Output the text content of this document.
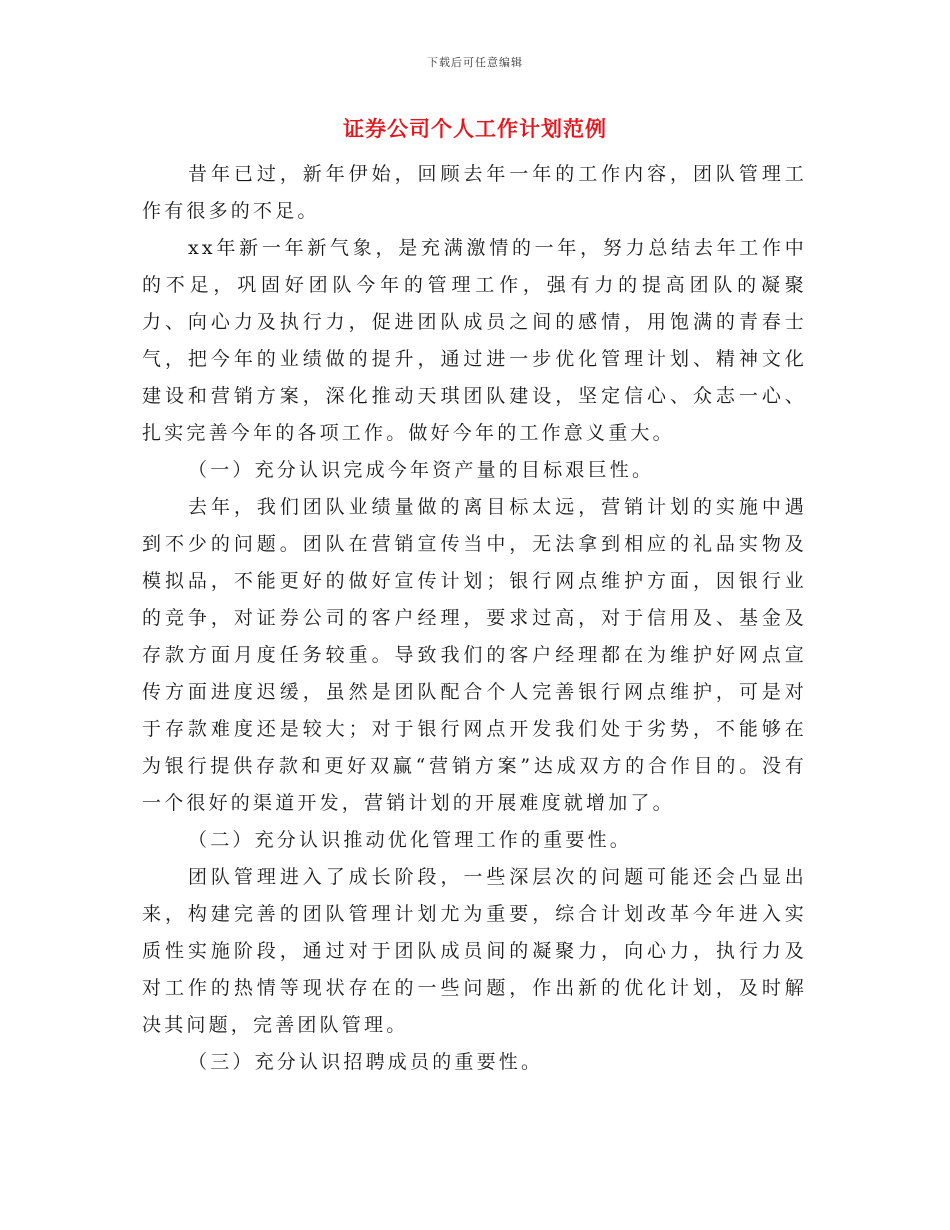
下载后可任意编辑
证券公司个人工作计划范例

昔年已过，新年伊始，回顾去年一年的工作内容，团队管理工作有很多的不足。

xx年新一年新气象，是充满激情的一年，努力总结去年工作中的不足，巩固好团队今年的管理工作，强有力的提高团队的凝聚力、向心力及执行力，促进团队成员之间的感情，用饱满的青春士气，把今年的业绩做的提升，通过进一步优化管理计划、精神文化建设和营销方案，深化推动天琪团队建设，坚定信心、众志一心、扎实完善今年的各项工作。做好今年的工作意义重大。

（一）充分认识完成今年资产量的目标艰巨性。

去年，我们团队业绩量做的离目标太远，营销计划的实施中遇到不少的问题。团队在营销宣传当中，无法拿到相应的礼品实物及模拟品，不能更好的做好宣传计划；银行网点维护方面，因银行业的竞争，对证券公司的客户经理，要求过高，对于信用及、基金及存款方面月度任务较重。导致我们的客户经理都在为维护好网点宣传方面进度迟缓，虽然是团队配合个人完善银行网点维护，可是对于存款难度还是较大；对于银行网点开发我们处于劣势，不能够在为银行提供存款和更好双赢“营销方案”达成双方的合作目的。没有一个很好的渠道开发，营销计划的开展难度就增加了。

（二）充分认识推动优化管理工作的重要性。

团队管理进入了成长阶段，一些深层次的问题可能还会凸显出来，构建完善的团队管理计划尤为重要，综合计划改革今年进入实质性实施阶段，通过对于团队成员间的凝聚力，向心力，执行力及对工作的热情等现状存在的一些问题，作出新的优化计划，及时解决其问题，完善团队管理。

（三）充分认识招聘成员的重要性。
